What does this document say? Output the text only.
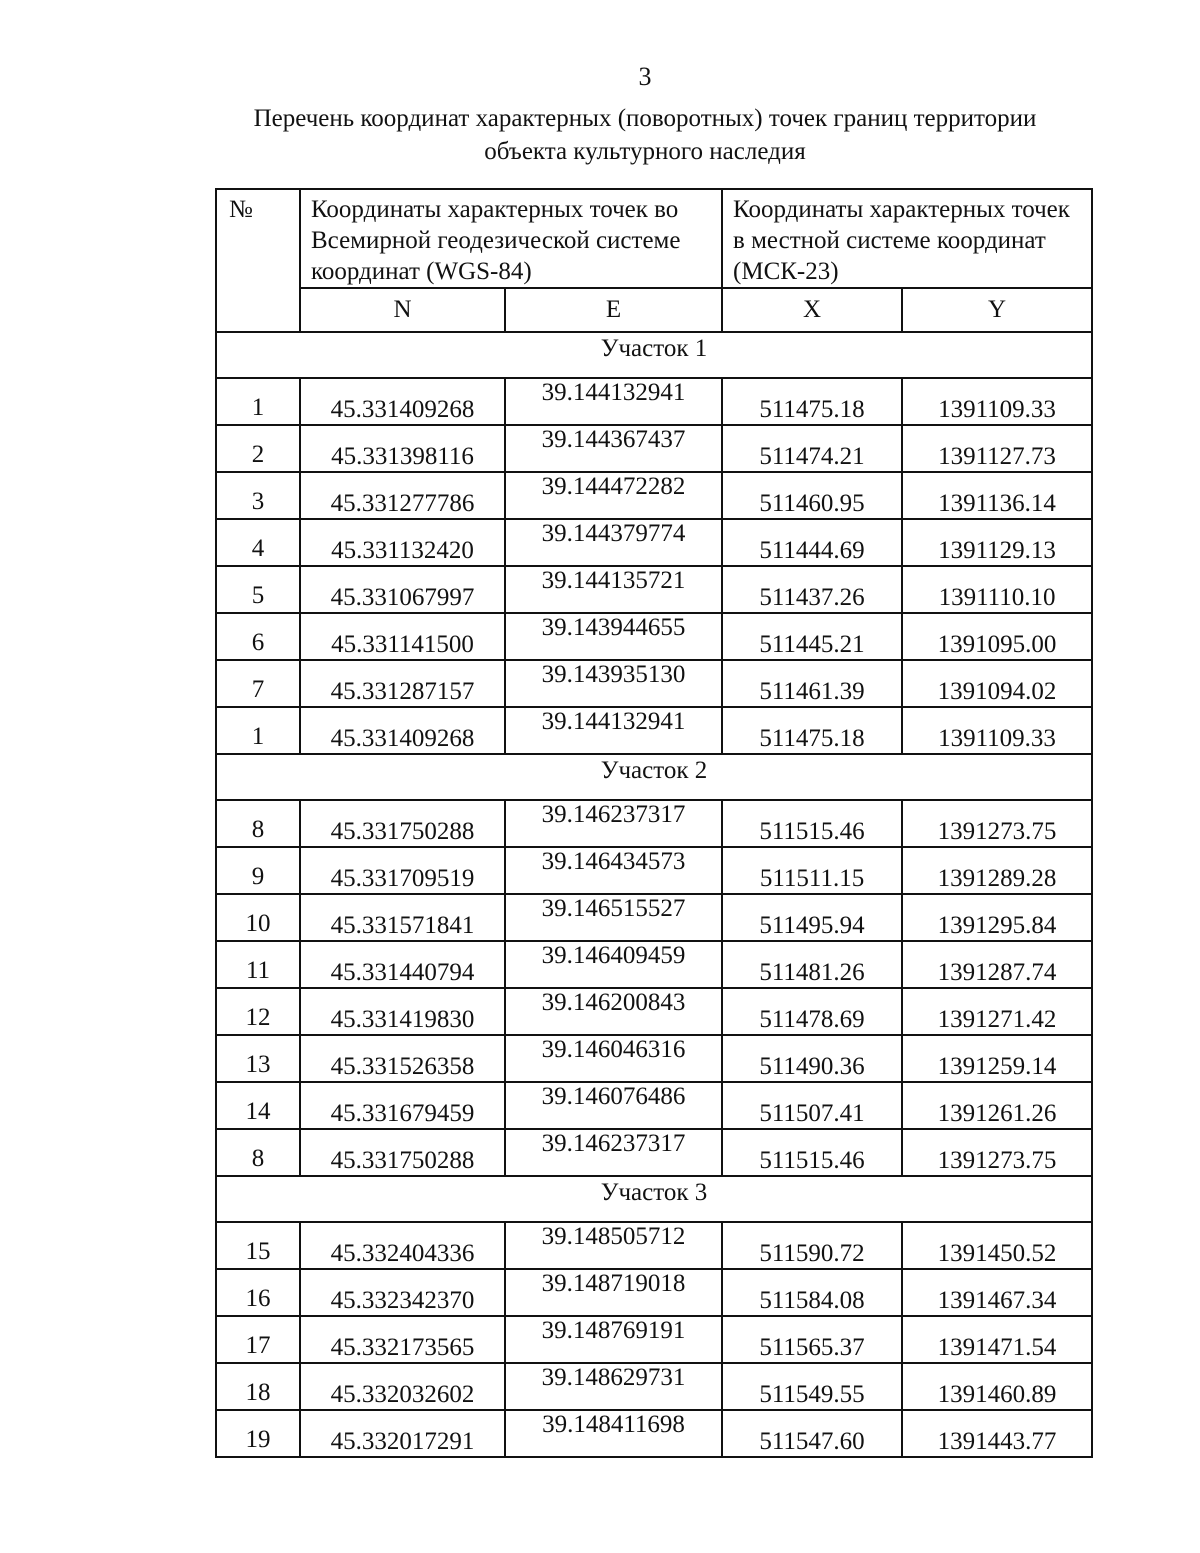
3
Перечень координат характерных (поворотных) точек границ территории
объекта культурного наследия
№	Координаты характерных точек во Всемирной геодезической системе координат (WGS-84)		Координаты характерных точек в местной системе координат (МСК-23)	
	N	E	X	Y
Участок 1				
1	45.331409268	39.144132941	511475.18	1391109.33
2	45.331398116	39.144367437	511474.21	1391127.73
3	45.331277786	39.144472282	511460.95	1391136.14
4	45.331132420	39.144379774	511444.69	1391129.13
5	45.331067997	39.144135721	511437.26	1391110.10
6	45.331141500	39.143944655	511445.21	1391095.00
7	45.331287157	39.143935130	511461.39	1391094.02
1	45.331409268	39.144132941	511475.18	1391109.33
Участок 2				
8	45.331750288	39.146237317	511515.46	1391273.75
9	45.331709519	39.146434573	511511.15	1391289.28
10	45.331571841	39.146515527	511495.94	1391295.84
11	45.331440794	39.146409459	511481.26	1391287.74
12	45.331419830	39.146200843	511478.69	1391271.42
13	45.331526358	39.146046316	511490.36	1391259.14
14	45.331679459	39.146076486	511507.41	1391261.26
8	45.331750288	39.146237317	511515.46	1391273.75
Участок 3				
15	45.332404336	39.148505712	511590.72	1391450.52
16	45.332342370	39.148719018	511584.08	1391467.34
17	45.332173565	39.148769191	511565.37	1391471.54
18	45.332032602	39.148629731	511549.55	1391460.89
19	45.332017291	39.148411698	511547.60	1391443.77
